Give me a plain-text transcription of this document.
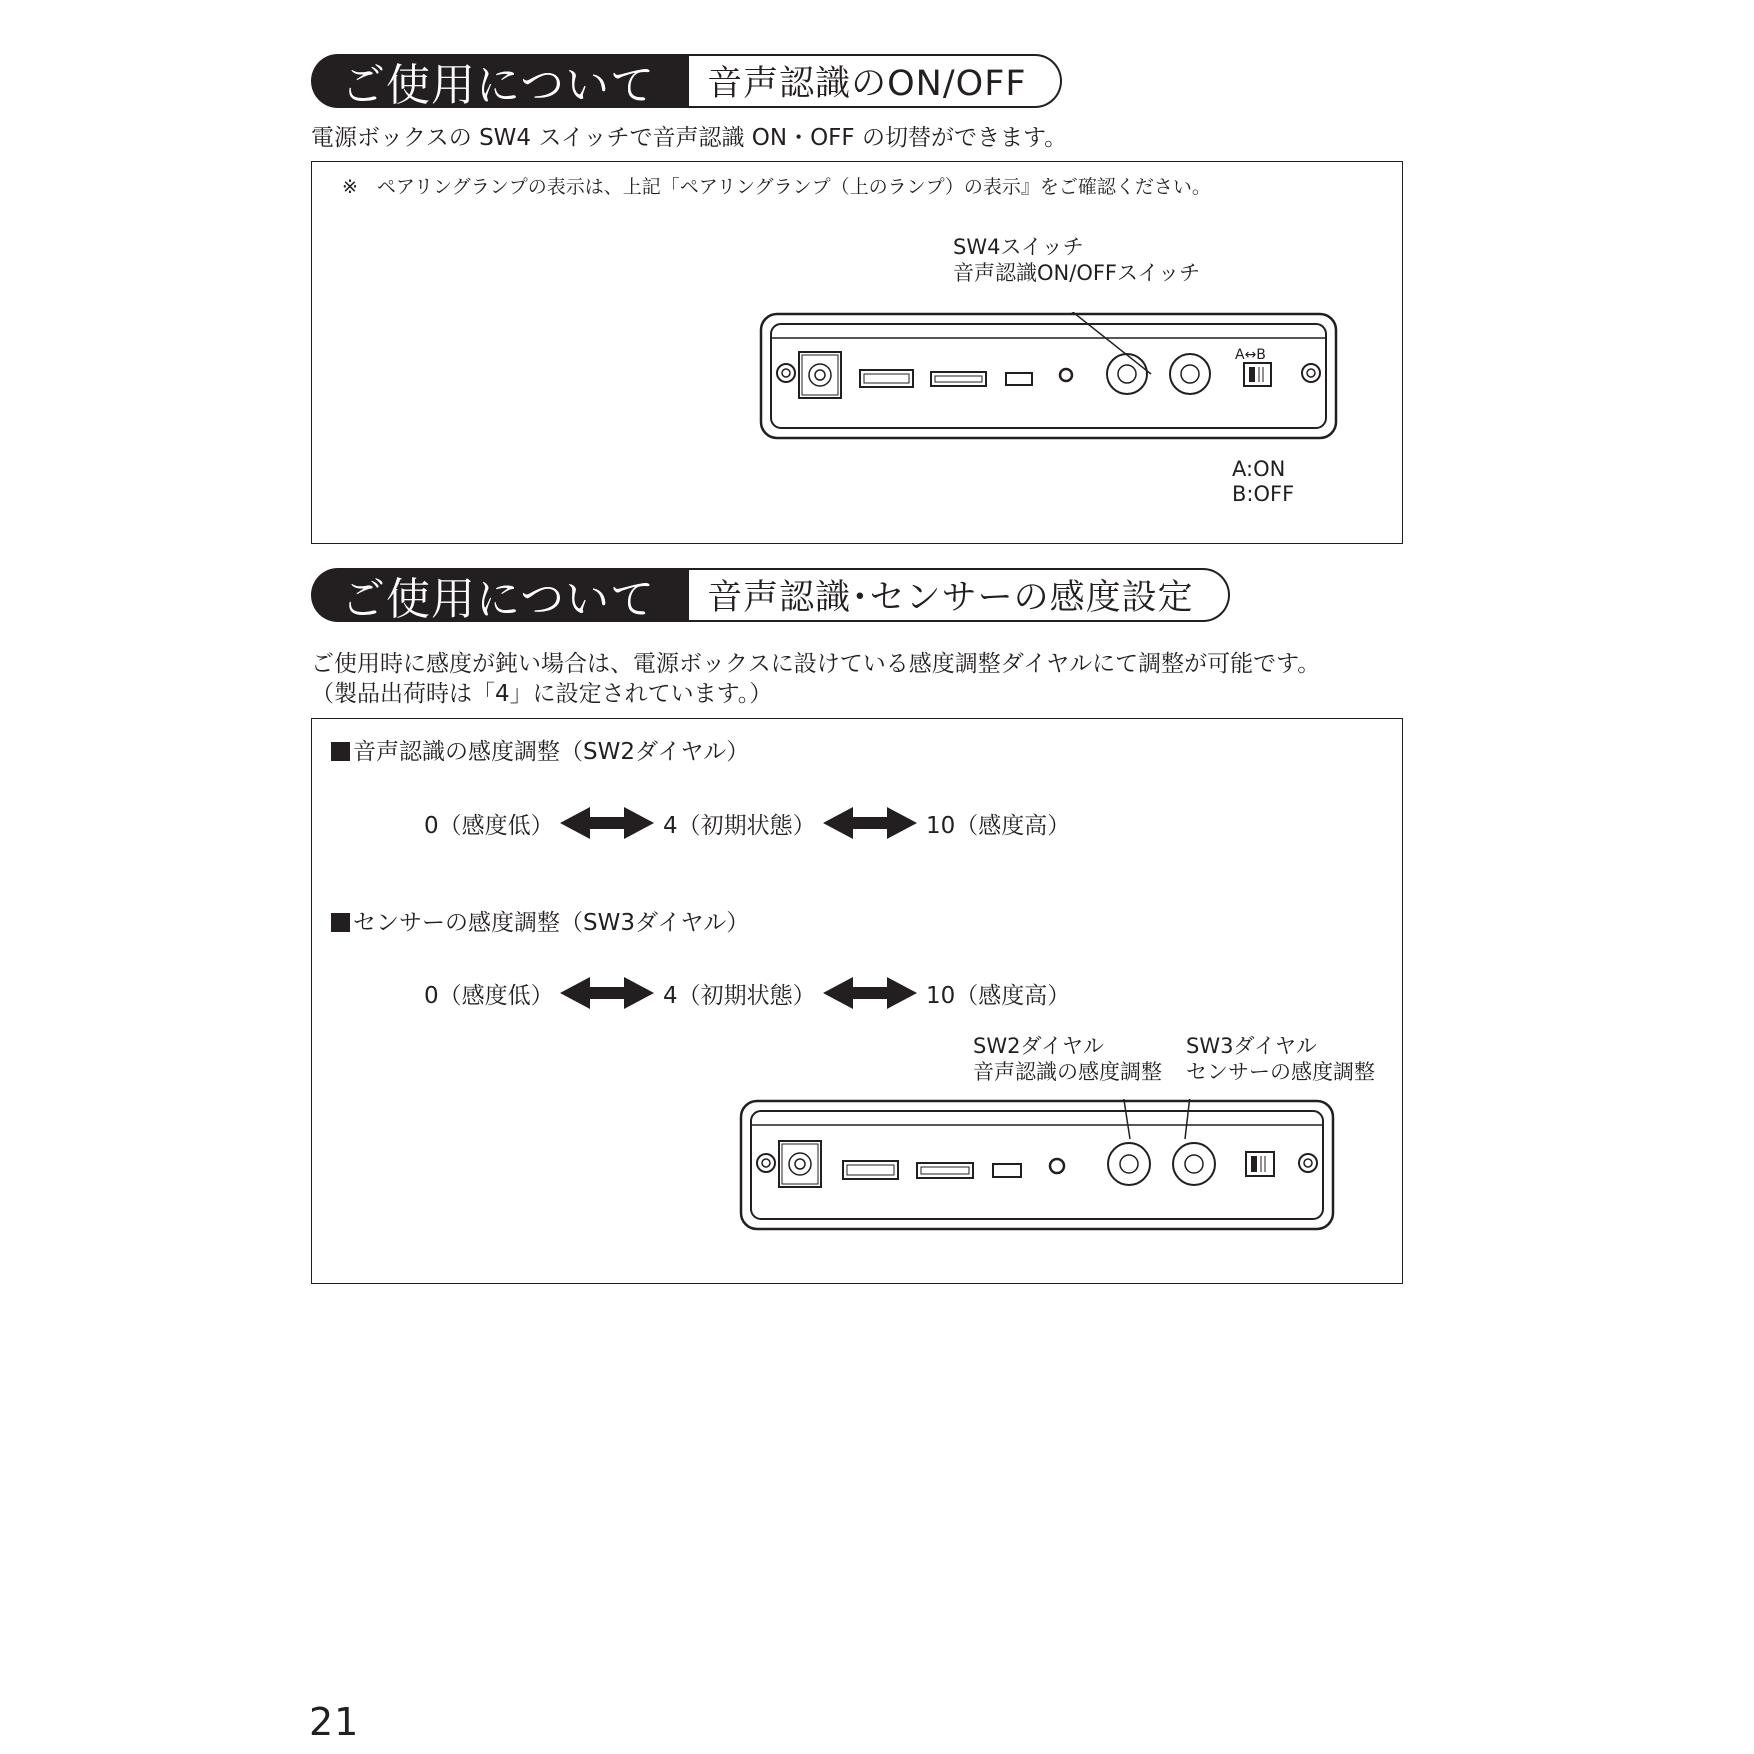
ご使用について	音声認識のON/OFF
電源ボックスの SW4 スイッチで音声認識 ON・OFF の切替ができます。
※　ペアリングランプの表示は、上記「ペアリングランプ（上のランプ）の表示』をご確認ください。
SW4スイッチ
音声認識ON/OFFスイッチ
A↔B
A:ON
B:OFF
ご使用について	音声認識･センサーの感度設定
ご使用時に感度が鈍い場合は、電源ボックスに設けている感度調整ダイヤルにて調整が可能です。
（製品出荷時は「4」に設定されています。）
音声認識の感度調整（SW2ダイヤル）
0（感度低）	4（初期状態）	10（感度高）
センサーの感度調整（SW3ダイヤル）
0（感度低）	4（初期状態）	10（感度高）
SW2ダイヤル
音声認識の感度調整
SW3ダイヤル
センサーの感度調整
21
